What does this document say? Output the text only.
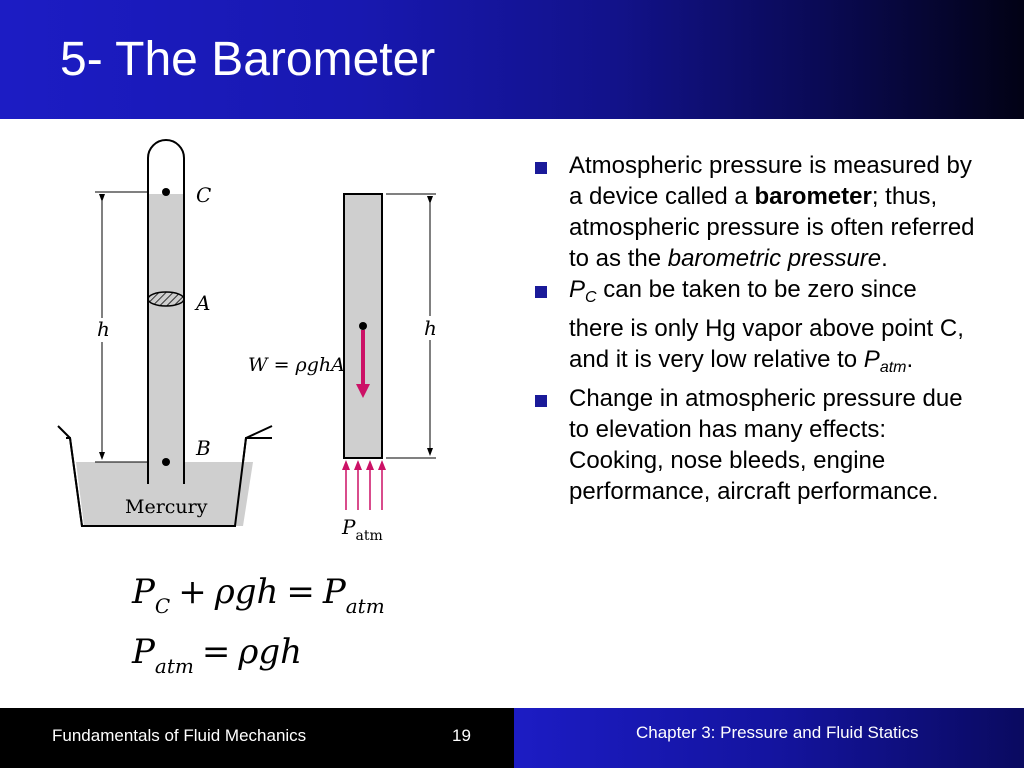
5- The Barometer
C
A
B
Mercury
h
W = ρghA
$P_{atm}$
h
$P_C + \rho gh = P_{atm}$
$P_{atm} = \rho gh$
Atmospheric pressure is measured by a device called a barometer; thus, atmospheric pressure is often referred to as the barometric pressure.
$P_C$ can be taken to be zero since there is only Hg vapor above point C, and it is very low relative to $P_{atm}$.
Change in atmospheric pressure due to elevation has many effects: Cooking, nose bleeds, engine performance, aircraft performance.
Fundamentals of Fluid Mechanics	19	Chapter 3: Pressure and Fluid Statics
